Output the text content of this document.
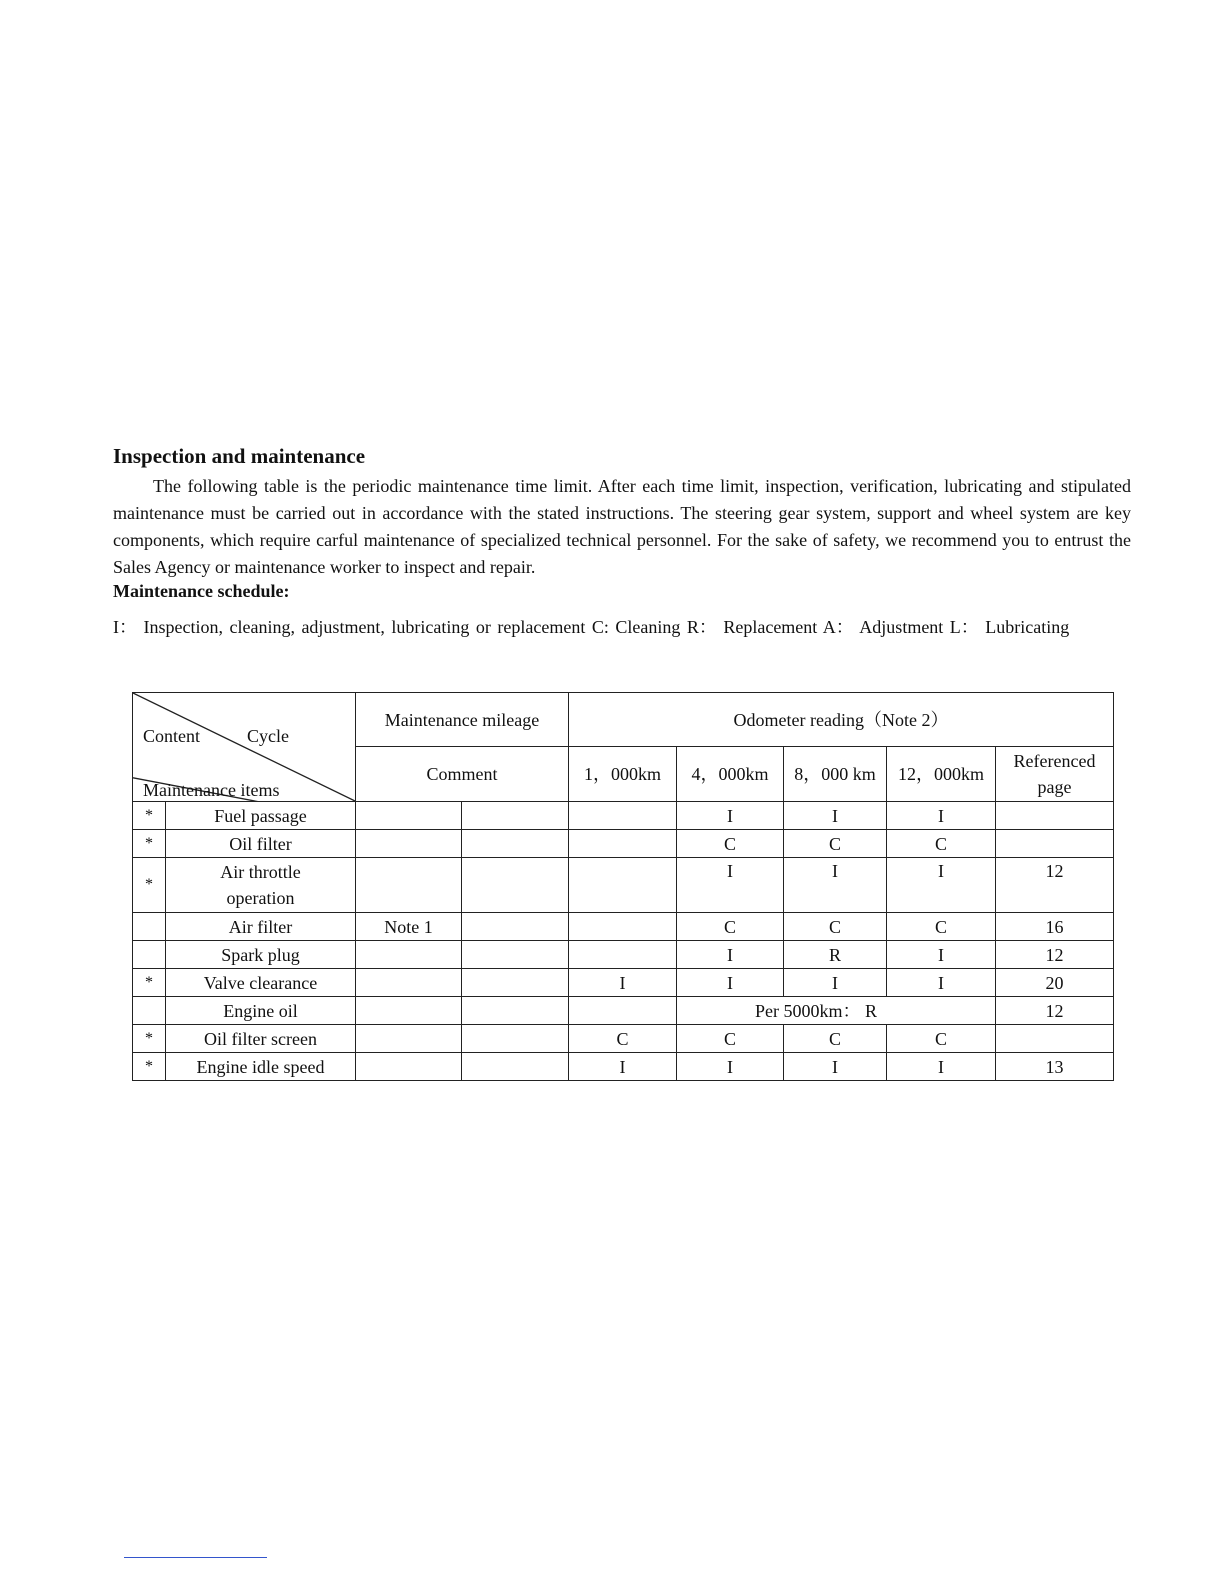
Inspection and maintenance

The following table is the periodic maintenance time limit. After each time limit, inspection, verification, lubricating and stipulated maintenance must be carried out in accordance with the stated instructions. The steering gear system, support and wheel system are key components, which require carful maintenance of specialized technical personnel. For the sake of safety, we recommend you to entrust the Sales Agency or maintenance worker to inspect and repair.

Maintenance schedule:

I： Inspection, cleaning, adjustment, lubricating or replacement C: Cleaning R： Replacement A： Adjustment L： Lubricating

Content Cycle
Maintenance items		Maintenance mileage		Odometer reading（Note 2）				
		Comment		1，000km	4，000km	8，000 km	12，000km	Referenced page
*	Fuel passage				I	I	I	
*	Oil filter				C	C	C	
*	Air throttle operation				I	I	I	12
	Air filter	Note 1			C	C	C	16
	Spark plug				I	R	I	12
*	Valve clearance			I	I	I	I	20
	Engine oil				Per 5000km： R			12
*	Oil filter screen			C	C	C	C	
*	Engine idle speed			I	I	I	I	13
